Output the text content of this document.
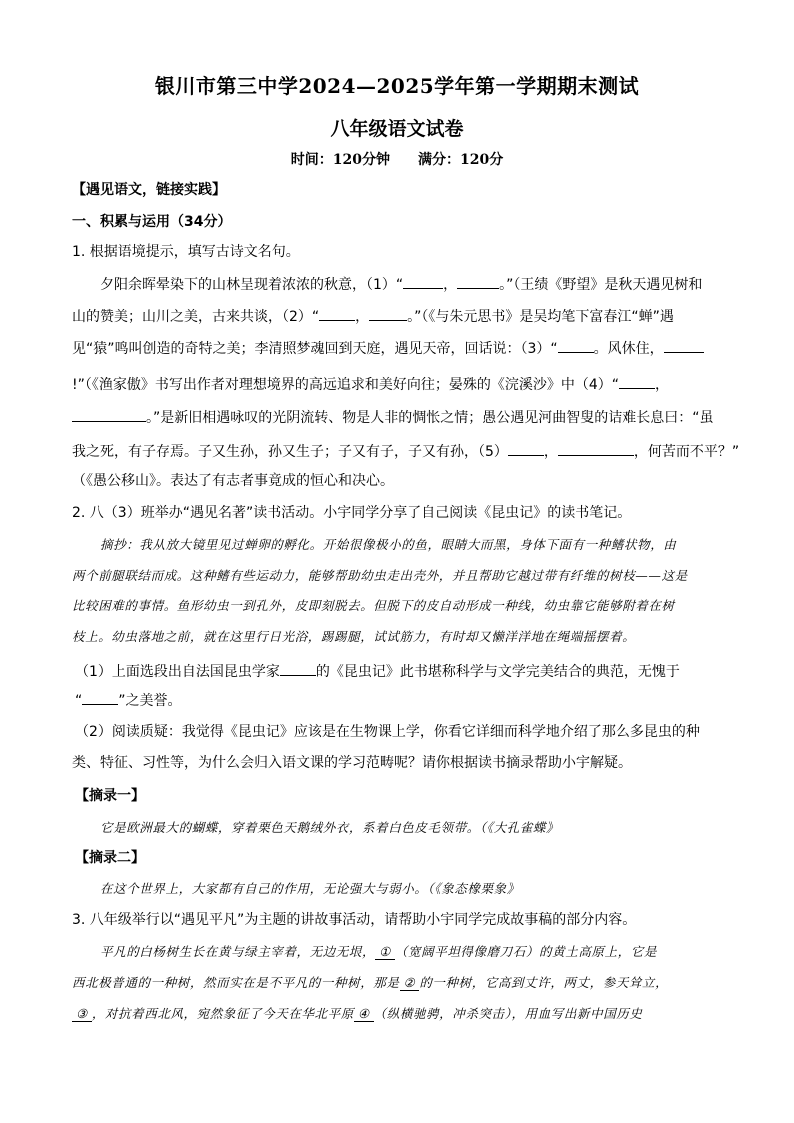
银川市第三中学2024—2025学年第一学期期末测试
八年级语文试卷
时间：120分钟　　满分：120分
【遇见语文，链接实践】
一、积累与运用（34分）
1. 根据语境提示，填写古诗文名句。
夕阳余晖晕染下的山林呈现着浓浓的秋意，（1）“	，	。”（王绩《野望》是秋天遇见树和
山的赞美；山川之美，古来共谈，（2）“	，	。”（《与朱元思书》是吴均笔下富春江“蝉”遇
见“猿”鸣叫创造的奇特之美；李清照梦魂回到天庭，遇见天帝，回话说：（3）“	。风休住，
!”（《渔家傲》书写出作者对理想境界的高远追求和美好向往；晏殊的《浣溪沙》中（4）“	，
。”是新旧相遇咏叹的光阴流转、物是人非的惆怅之情；愚公遇见河曲智叟的诘难长息曰：“虽
我之死，有子存焉。子又生孙，孙又生子；子又有子，子又有孙，（5）	，	，何苦而不平？”
（《愚公移山》。表达了有志者事竟成的恒心和决心。
2. 八（3）班举办“遇见名著”读书活动。小宇同学分享了自己阅读《昆虫记》的读书笔记。
摘抄：我从放大镜里见过蝉卵的孵化。开始很像极小的鱼，眼睛大而黑，身体下面有一种鳍状物，由
两个前腿联结而成。这种鳍有些运动力，能够帮助幼虫走出壳外，并且帮助它越过带有纤维的树枝——这是
比较困难的事情。鱼形幼虫一到孔外，皮即刻脱去。但脱下的皮自动形成一种线，幼虫靠它能够附着在树
枝上。幼虫落地之前，就在这里行日光浴，踢踢腿，试试筋力，有时却又懒洋洋地在绳端摇摆着。
（1）上面选段出自法国昆虫学家	的《昆虫记》此书堪称科学与文学完美结合的典范，无愧于
“	”之美誉。
（2）阅读质疑：我觉得《昆虫记》应该是在生物课上学，你看它详细而科学地介绍了那么多昆虫的种
类、特征、习性等，为什么会归入语文课的学习范畴呢？请你根据读书摘录帮助小宇解疑。
【摘录一】
它是欧洲最大的蝴蝶，穿着栗色天鹅绒外衣，系着白色皮毛领带。（《大孔雀蝶》
【摘录二】
在这个世界上，大家都有自己的作用，无论强大与弱小。（《象态橡栗象》
3. 八年级举行以“遇见平凡”为主题的讲故事活动，请帮助小宇同学完成故事稿的部分内容。
平凡的白杨树生长在黄与绿主宰着，无边无垠， ① （宽阔平坦得像磨刀石）的黄土高原上，它是
西北极普通的一种树，然而实在是不平凡的一种树，那是 ② 的一种树，它高到丈许，两丈，参天耸立，
③ ，对抗着西北风，宛然象征了今天在华北平原 ④ （纵横驰骋，冲杀突击），用血写出新中国历史
